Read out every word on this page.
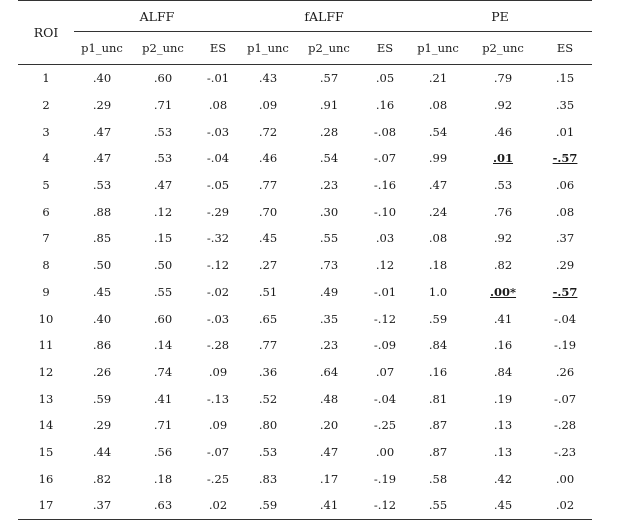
ROI	ALFF			fALFF			PE		
	p1_unc	p2_unc	ES	p1_unc	p2_unc	ES	p1_unc	p2_unc	ES
1	.40	.60	-.01	.43	.57	.05	.21	.79	.15
2	.29	.71	.08	.09	.91	.16	.08	.92	.35
3	.47	.53	-.03	.72	.28	-.08	.54	.46	.01
4	.47	.53	-.04	.46	.54	-.07	.99	.01	-.57
5	.53	.47	-.05	.77	.23	-.16	.47	.53	.06
6	.88	.12	-.29	.70	.30	-.10	.24	.76	.08
7	.85	.15	-.32	.45	.55	.03	.08	.92	.37
8	.50	.50	-.12	.27	.73	.12	.18	.82	.29
9	.45	.55	-.02	.51	.49	-.01	1.0	.00*	-.57
10	.40	.60	-.03	.65	.35	-.12	.59	.41	-.04
11	.86	.14	-.28	.77	.23	-.09	.84	.16	-.19
12	.26	.74	.09	.36	.64	.07	.16	.84	.26
13	.59	.41	-.13	.52	.48	-.04	.81	.19	-.07
14	.29	.71	.09	.80	.20	-.25	.87	.13	-.28
15	.44	.56	-.07	.53	.47	.00	.87	.13	-.23
16	.82	.18	-.25	.83	.17	-.19	.58	.42	.00
17	.37	.63	.02	.59	.41	-.12	.55	.45	.02
